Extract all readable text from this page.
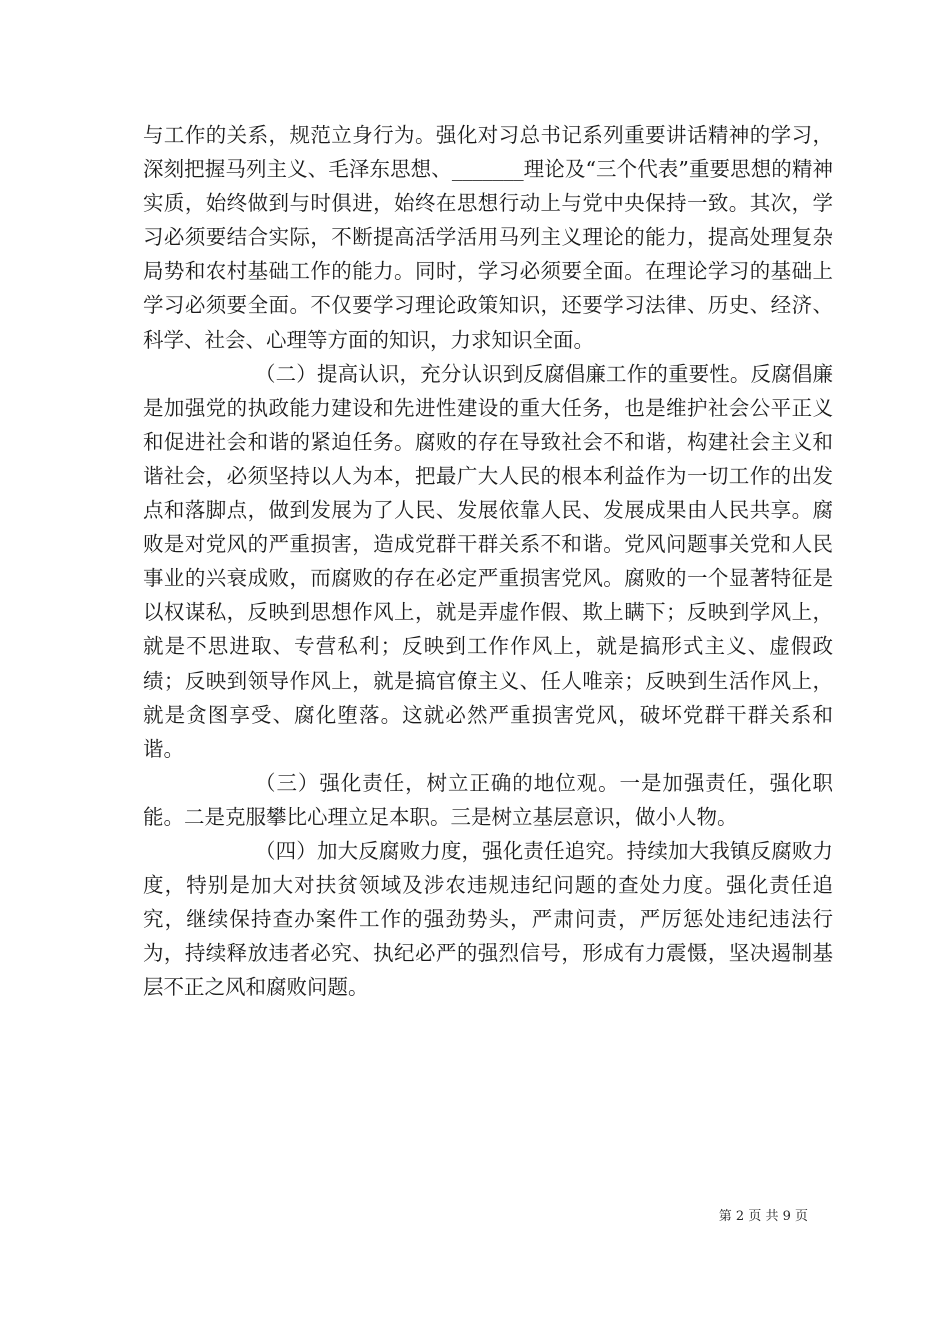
与工作的关系，规范立身行为。强化对习总书记系列重要讲话精神的学习，深刻把握马列主义、毛泽东思想、_______理论及“三个代表”重要思想的精神实质，始终做到与时俱进，始终在思想行动上与党中央保持一致。其次，学习必须要结合实际，不断提高活学活用马列主义理论的能力，提高处理复杂局势和农村基础工作的能力。同时，学习必须要全面。在理论学习的基础上学习必须要全面。不仅要学习理论政策知识，还要学习法律、历史、经济、科学、社会、心理等方面的知识，力求知识全面。

（二）提高认识，充分认识到反腐倡廉工作的重要性。反腐倡廉是加强党的执政能力建设和先进性建设的重大任务，也是维护社会公平正义和促进社会和谐的紧迫任务。腐败的存在导致社会不和谐，构建社会主义和谐社会，必须坚持以人为本，把最广大人民的根本利益作为一切工作的出发点和落脚点，做到发展为了人民、发展依靠人民、发展成果由人民共享。腐败是对党风的严重损害，造成党群干群关系不和谐。党风问题事关党和人民事业的兴衰成败，而腐败的存在必定严重损害党风。腐败的一个显著特征是以权谋私，反映到思想作风上，就是弄虚作假、欺上瞒下；反映到学风上，就是不思进取、专营私利；反映到工作作风上，就是搞形式主义、虚假政绩；反映到领导作风上，就是搞官僚主义、任人唯亲；反映到生活作风上，就是贪图享受、腐化堕落。这就必然严重损害党风，破坏党群干群关系和谐。

（三）强化责任，树立正确的地位观。一是加强责任，强化职能。二是克服攀比心理立足本职。三是树立基层意识，做小人物。

（四）加大反腐败力度，强化责任追究。持续加大我镇反腐败力度，特别是加大对扶贫领域及涉农违规违纪问题的查处力度。强化责任追究，继续保持查办案件工作的强劲势头，严肃问责，严厉惩处违纪违法行为，持续释放违者必究、执纪必严的强烈信号，形成有力震慑，坚决遏制基层不正之风和腐败问题。

第 2 页 共 9 页
